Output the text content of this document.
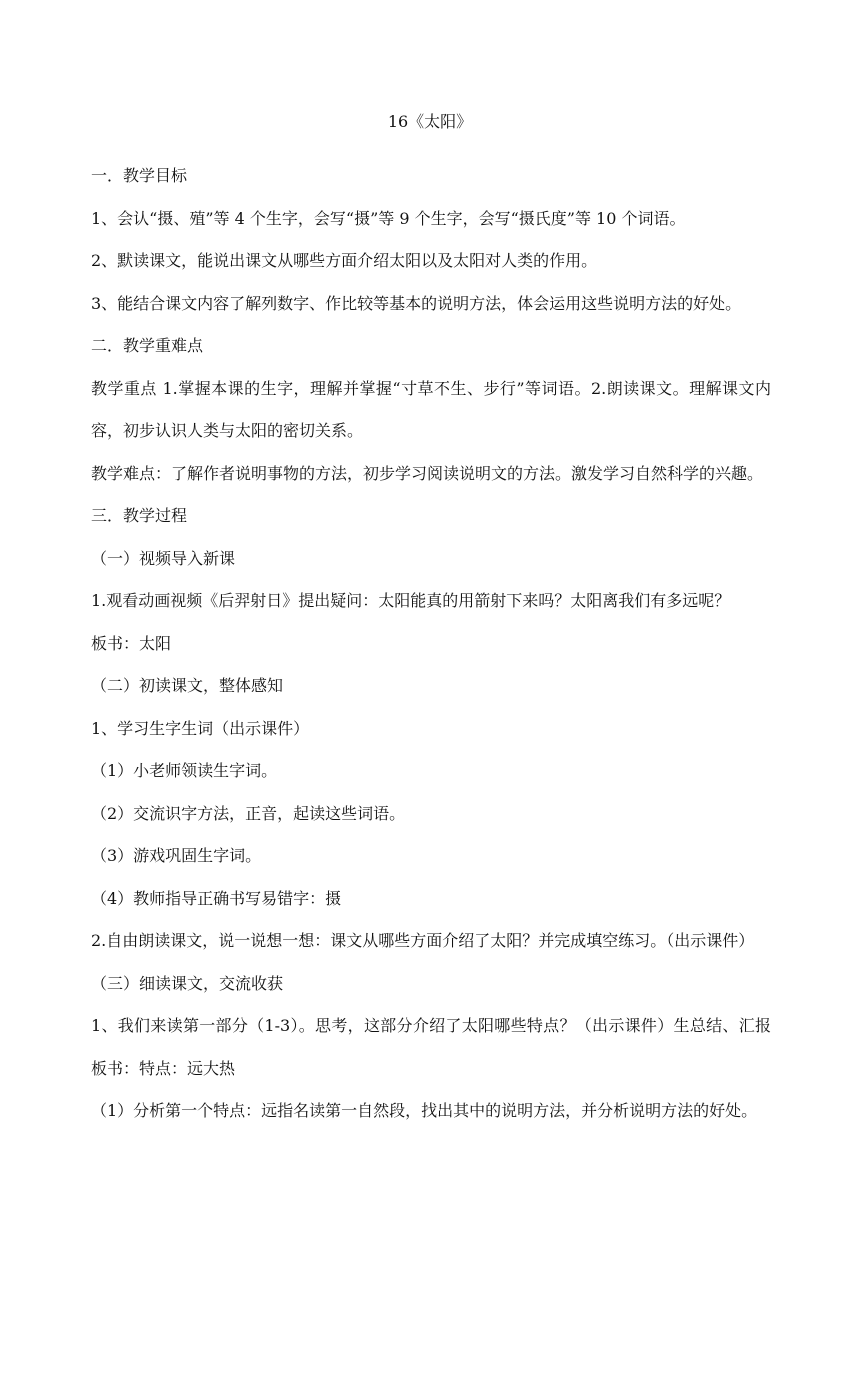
16《太阳》

一．教学目标

1、会认“摄、殖”等 4 个生字，会写“摄”等 9 个生字，会写“摄氏度”等 10 个词语。

2、默读课文，能说出课文从哪些方面介绍太阳以及太阳对人类的作用。

3、能结合课文内容了解列数字、作比较等基本的说明方法，体会运用这些说明方法的好处。

二．教学重难点

教学重点 1.掌握本课的生字，理解并掌握“寸草不生、步行”等词语。2.朗读课文。理解课文内容，初步认识人类与太阳的密切关系。

教学难点：了解作者说明事物的方法，初步学习阅读说明文的方法。激发学习自然科学的兴趣。

三．教学过程

（一）视频导入新课

1.观看动画视频《后羿射日》提出疑问：太阳能真的用箭射下来吗？太阳离我们有多远呢？

板书：太阳

（二）初读课文，整体感知

1、学习生字生词（出示课件）

（1）小老师领读生字词。

（2）交流识字方法，正音，起读这些词语。

（3）游戏巩固生字词。

（4）教师指导正确书写易错字：摄

2.自由朗读课文，说一说想一想：课文从哪些方面介绍了太阳？并完成填空练习。（出示课件）

（三）细读课文，交流收获

1、我们来读第一部分（1-3）。思考，这部分介绍了太阳哪些特点？（出示课件）生总结、汇报板书：特点：远大热

（1）分析第一个特点：远指名读第一自然段，找出其中的说明方法，并分析说明方法的好处。
